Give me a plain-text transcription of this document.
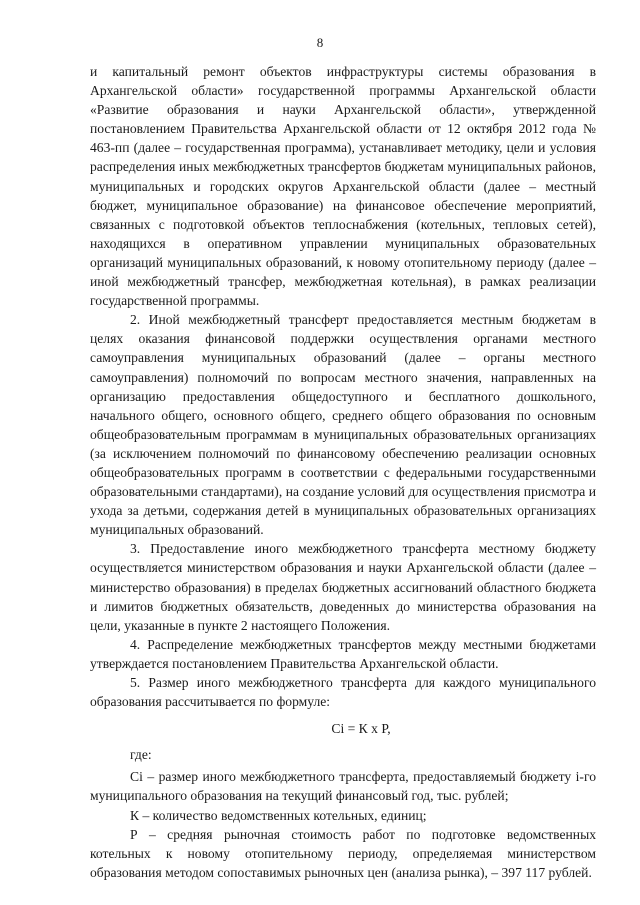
8

и капитальный ремонт объектов инфраструктуры системы образования в Архангельской области» государственной программы Архангельской области «Развитие образования и науки Архангельской области», утвержденной постановлением Правительства Архангельской области от 12 октября 2012 года № 463-пп (далее – государственная программа), устанавливает методику, цели и условия распределения иных межбюджетных трансфертов бюджетам муниципальных районов, муниципальных и городских округов Архангельской области (далее – местный бюджет, муниципальное образование) на финансовое обеспечение мероприятий, связанных с подготовкой объектов теплоснабжения (котельных, тепловых сетей), находящихся в оперативном управлении муниципальных образовательных организаций муниципальных образований, к новому отопительному периоду (далее – иной межбюджетный трансфер, межбюджетная котельная), в рамках реализации государственной программы.

2. Иной межбюджетный трансферт предоставляется местным бюджетам в целях оказания финансовой поддержки осуществления органами местного самоуправления муниципальных образований (далее – органы местного самоуправления) полномочий по вопросам местного значения, направленных на организацию предоставления общедоступного и бесплатного дошкольного, начального общего, основного общего, среднего общего образования по основным общеобразовательным программам в муниципальных образовательных организациях (за исключением полномочий по финансовому обеспечению реализации основных общеобразовательных программ в соответствии с федеральными государственными образовательными стандартами), на создание условий для осуществления присмотра и ухода за детьми, содержания детей в муниципальных образовательных организациях муниципальных образований.

3. Предоставление иного межбюджетного трансферта местному бюджету осуществляется министерством образования и науки Архангельской области (далее – министерство образования) в пределах бюджетных ассигнований областного бюджета и лимитов бюджетных обязательств, доведенных до министерства образования на цели, указанные в пункте 2 настоящего Положения.

4. Распределение межбюджетных трансфертов между местными бюджетами утверждается постановлением Правительства Архангельской области.

5. Размер иного межбюджетного трансферта для каждого муниципального образования рассчитывается по формуле:

Ci = К х Р,

где:

Ci – размер иного межбюджетного трансферта, предоставляемый бюджету i-го муниципального образования на текущий финансовый год, тыс. рублей;

К – количество ведомственных котельных, единиц;

Р – средняя рыночная стоимость работ по подготовке ведомственных котельных к новому отопительному периоду, определяемая министерством образования методом сопоставимых рыночных цен (анализа рынка), – 397 117 рублей.
